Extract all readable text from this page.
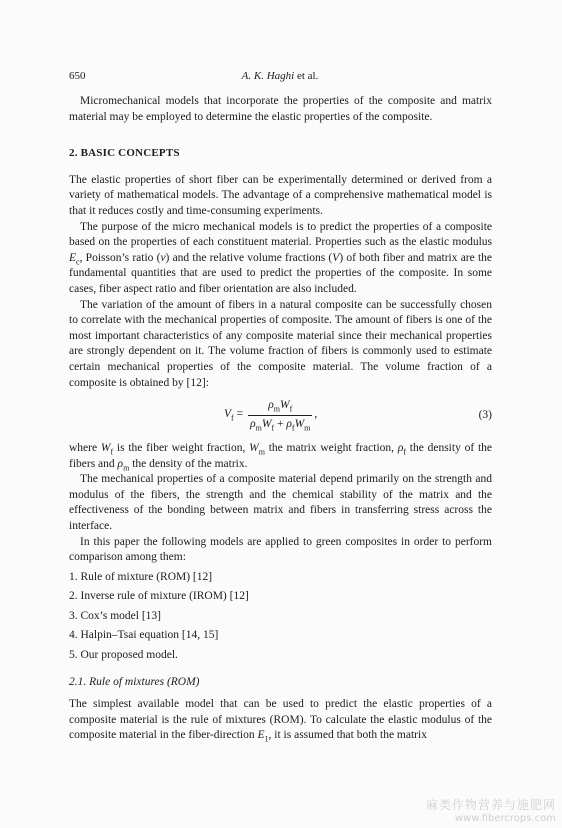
650	A. K. Haghi et al.

Micromechanical models that incorporate the properties of the composite and matrix material may be employed to determine the elastic properties of the composite.

2. BASIC CONCEPTS

The elastic properties of short fiber can be experimentally determined or derived from a variety of mathematical models. The advantage of a comprehensive mathematical model is that it reduces costly and time-consuming experiments.

The purpose of the micro mechanical models is to predict the properties of a composite based on the properties of each constituent material. Properties such as the elastic modulus $E_c$, Poisson’s ratio (ν) and the relative volume fractions (V) of both fiber and matrix are the fundamental quantities that are used to predict the properties of the composite. In some cases, fiber aspect ratio and fiber orientation are also included.

The variation of the amount of fibers in a natural composite can be successfully chosen to correlate with the mechanical properties of composite. The amount of fibers is one of the most important characteristics of any composite material since their mechanical properties are strongly dependent on it. The volume fraction of fibers is commonly used to estimate certain mechanical properties of the composite material. The volume fraction of a composite is obtained by [12]:

$V_f = \frac{\rho_mW_f}{\rho_mW_f + \rho_fW_m}$ ,	(3)

where $W_f$ is the fiber weight fraction, $W_m$ the matrix weight fraction, $\rho_f$ the density of the fibers and $\rho_m$ the density of the matrix.

The mechanical properties of a composite material depend primarily on the strength and modulus of the fibers, the strength and the chemical stability of the matrix and the effectiveness of the bonding between matrix and fibers in transferring stress across the interface.

In this paper the following models are applied to green composites in order to perform comparison among them:

1. Rule of mixture (ROM) [12]
2. Inverse rule of mixture (IROM) [12]
3. Cox’s model [13]
4. Halpin–Tsai equation [14, 15]
5. Our proposed model.
2.1. Rule of mixtures (ROM)

The simplest available model that can be used to predict the elastic properties of a composite material is the rule of mixtures (ROM). To calculate the elastic modulus of the composite material in the fiber-direction $E_1$, it is assumed that both the matrix

麻类作物营养与施肥网
www.fibercrops.com
